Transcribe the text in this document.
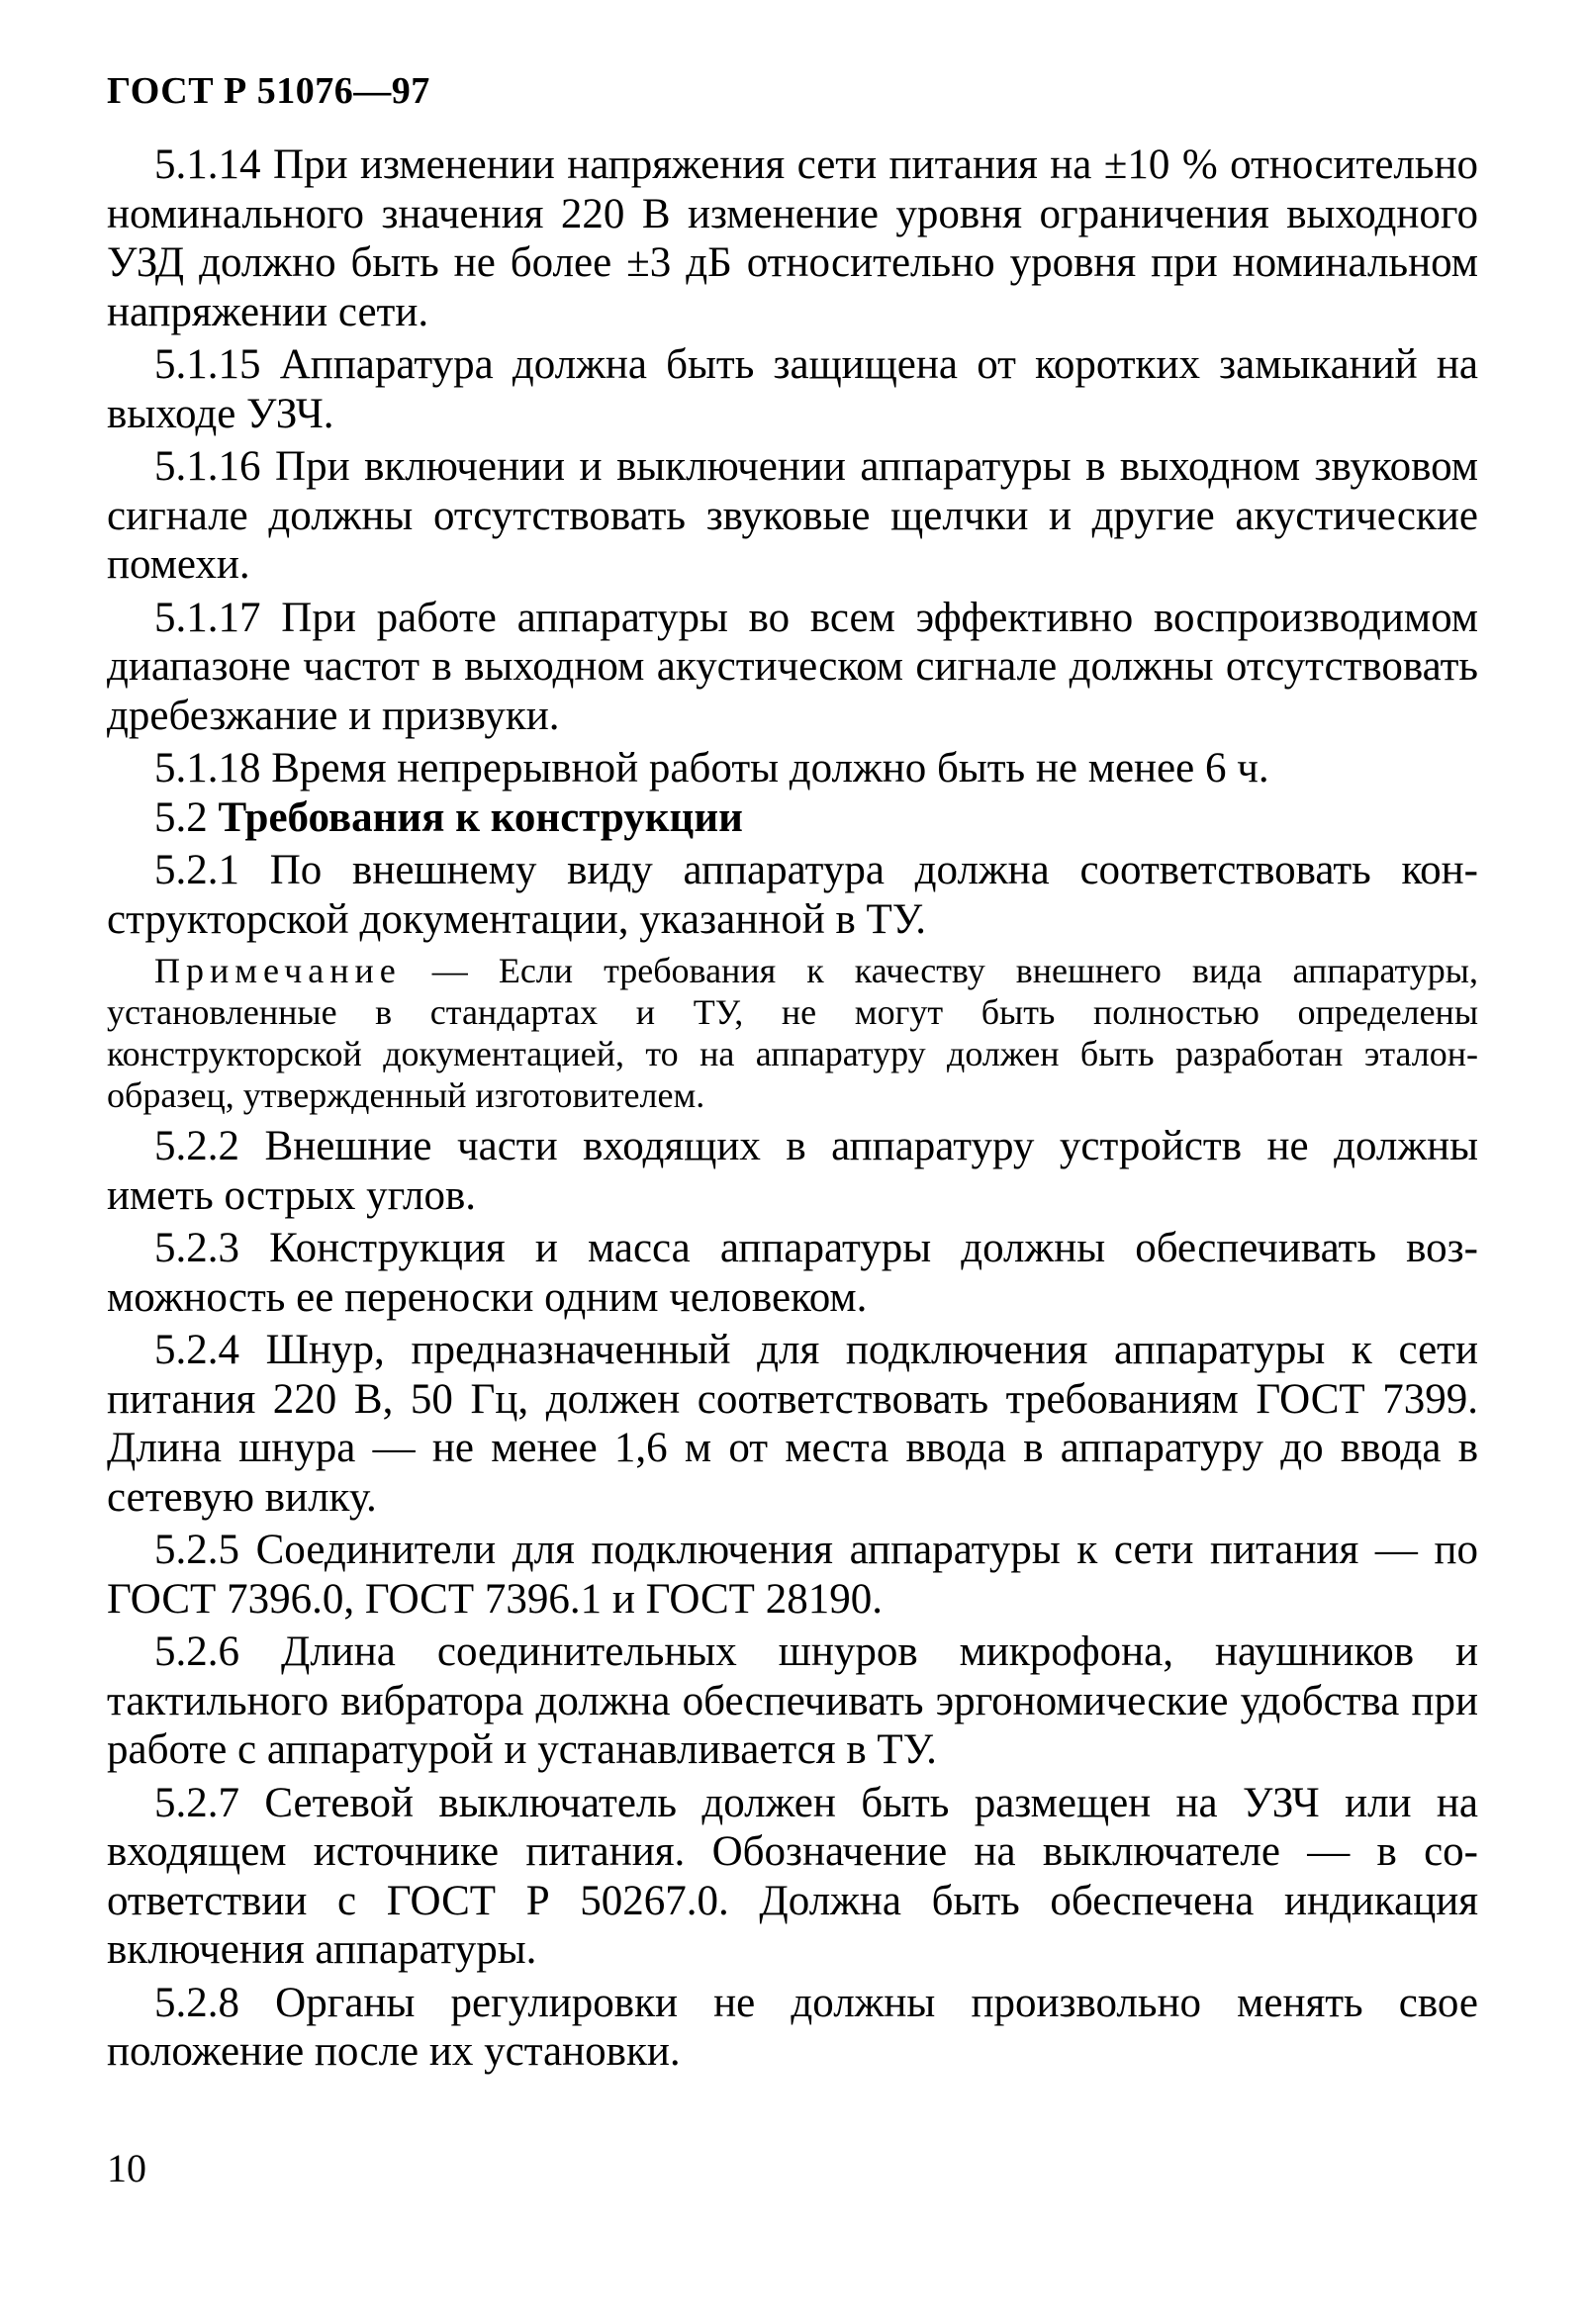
ГОСТ Р 51076—97

5.1.14 При изменении напряжения сети питания на ±10 % относительно номинального значения 220 В изменение уровня ограничения выходного УЗД должно быть не более ±3 дБ относительно уровня при номинальном напряжении сети.

5.1.15 Аппаратура должна быть защищена от коротких замыканий на выходе УЗЧ.

5.1.16 При включении и выключении аппаратуры в выходном звуковом сигнале должны отсутствовать звуковые щелчки и другие акустические помехи.

5.1.17 При работе аппаратуры во всем эффективно воспроизводимом диапазоне частот в выходном акустическом сигнале должны отсутствовать дребезжание и призвуки.

5.1.18 Время непрерывной работы должно быть не менее 6 ч.

5.2 Требования к конструкции

5.2.1 По внешнему виду аппаратура должна соответствовать конструкторской документации, указанной в ТУ.

Примечание — Если требования к качеству внешнего вида аппаратуры, установленные в стандартах и ТУ, не могут быть полностью определены конструкторской документацией, то на аппаратуру должен быть разработан эталон-образец, утвержденный изготовителем.

5.2.2 Внешние части входящих в аппаратуру устройств не должны иметь острых углов.

5.2.3 Конструкция и масса аппаратуры должны обеспечивать возможность ее переноски одним человеком.

5.2.4 Шнур, предназначенный для подключения аппаратуры к сети питания 220 В, 50 Гц, должен соответствовать требованиям ГОСТ 7399. Длина шнура — не менее 1,6 м от места ввода в аппаратуру до ввода в сетевую вилку.

5.2.5 Соединители для подключения аппаратуры к сети питания — по ГОСТ 7396.0, ГОСТ 7396.1 и ГОСТ 28190.

5.2.6 Длина соединительных шнуров микрофона, наушников и тактильного вибратора должна обеспечивать эргономические удобства при работе с аппаратурой и устанавливается в ТУ.

5.2.7 Сетевой выключатель должен быть размещен на УЗЧ или на входящем источнике питания. Обозначение на выключателе — в соответствии с ГОСТ Р 50267.0. Должна быть обеспечена индикация включения аппаратуры.

5.2.8 Органы регулировки не должны произвольно менять свое положение после их установки.

10
